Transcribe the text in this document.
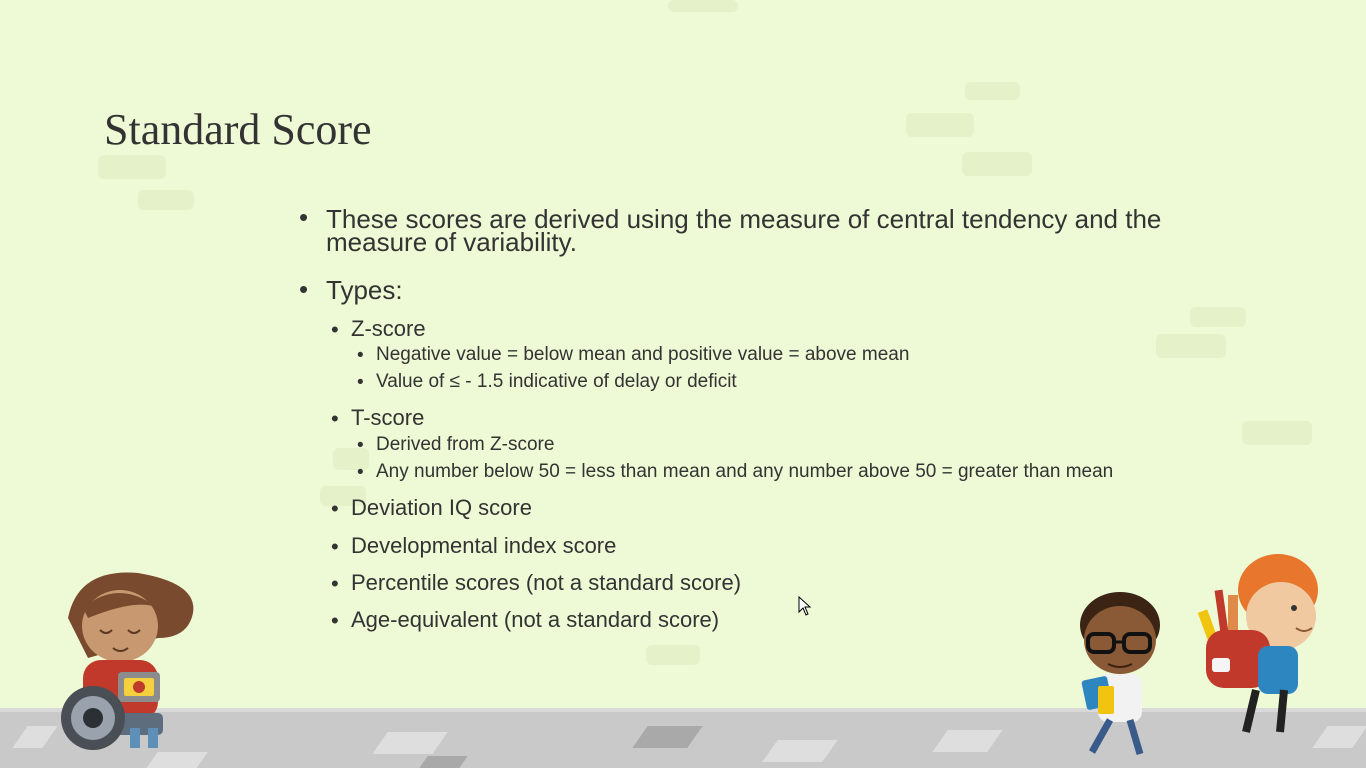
Standard Score
• These scores are derived using the measure of central tendency and the
measure of variability.
• Types:
• Z-score
• Negative value = below mean and positive value = above mean
• Value of ≤ - 1.5 indicative of delay or deficit
• T-score
• Derived from Z-score
• Any number below 50 = less than mean and any number above 50 = greater than mean
• Deviation IQ score
• Developmental index score
• Percentile scores (not a standard score)
• Age-equivalent (not a standard score)
